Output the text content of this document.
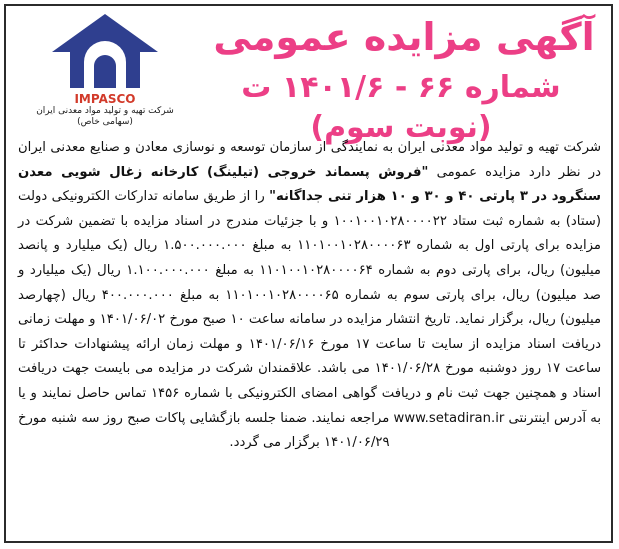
IMPASCO
شرکت تهیه و تولید مواد معدنی ایران
(سهامی خاص)
آگهی مزایده عمومی
شماره ۶۶ - ۱۴۰۱/۶ ت (نوبت سوم)
شرکت تهیه و تولید مواد معدنی ایران به نمایندگی از سازمان توسعه و نوسازی معادن و صنایع معدنی ایران در نظر دارد مزایده عمومی "فروش پسماند خروجی (تیلینگ) کارخانه زغال شویی معدن سنگرود در ۳ پارتی ۴۰ و ۳۰ و ۱۰ هزار تنی جداگانه" را از طریق سامانه تدارکات الکترونیکی دولت (ستاد) به شماره ثبت ستاد ۱۰۰۱۰۰۱۰۲۸۰۰۰۰۲۲ و با جزئیات مندرج در اسناد مزایده با تضمین شرکت در مزایده برای پارتی اول به شماره ۱۱۰۱۰۰۱۰۲۸۰۰۰۰۶۳ به مبلغ ۱.۵۰۰.۰۰۰.۰۰۰ ریال (یک میلیارد و پانصد میلیون) ریال، برای پارتی دوم به شماره ۱۱۰۱۰۰۱۰۲۸۰۰۰۰۶۴ به مبلغ ۱.۱۰۰.۰۰۰.۰۰۰ ریال (یک میلیارد و صد میلیون) ریال، برای پارتی سوم به شماره ۱۱۰۱۰۰۱۰۲۸۰۰۰۰۶۵ به مبلغ ۴۰۰.۰۰۰.۰۰۰ ریال (چهارصد میلیون) ریال، برگزار نماید. تاریخ انتشار مزایده در سامانه ساعت ۱۰ صبح مورخ ۱۴۰۱/۰۶/۰۲ و مهلت زمانی دریافت اسناد مزایده از سایت تا ساعت ۱۷ مورخ ۱۴۰۱/۰۶/۱۶ و مهلت زمان ارائه پیشنهادات حداکثر تا ساعت ۱۷ روز دوشنبه مورخ ۱۴۰۱/۰۶/۲۸ می باشد. علاقمندان شرکت در مزایده می بایست جهت دریافت اسناد و همچنین جهت ثبت نام و دریافت گواهی امضای الکترونیکی با شماره ۱۴۵۶ تماس حاصل نمایند و یا به آدرس اینترنتی www.setadiran.ir مراجعه نمایند. ضمنا جلسه بازگشایی پاکات صبح روز سه شنبه مورخ ۱۴۰۱/۰۶/۲۹ برگزار می گردد.
